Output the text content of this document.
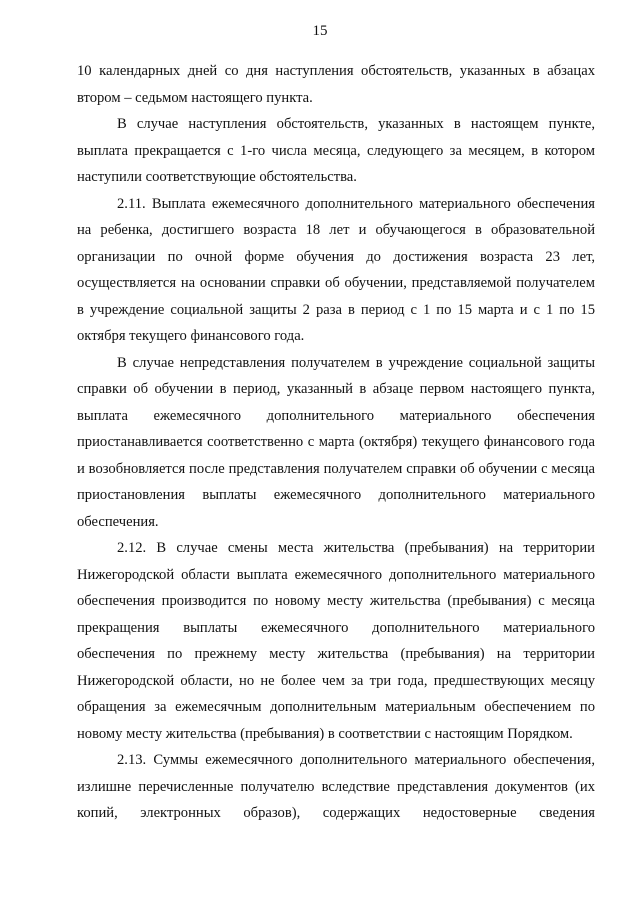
15

10 календарных дней со дня наступления обстоятельств, указанных в абзацах втором – седьмом настоящего пункта.

В случае наступления обстоятельств, указанных в настоящем пункте, выплата прекращается с 1-го числа месяца, следующего за месяцем, в котором наступили соответствующие обстоятельства.

2.11. Выплата ежемесячного дополнительного материального обеспечения на ребенка, достигшего возраста 18 лет и обучающегося в образовательной организации по очной форме обучения до достижения возраста 23 лет, осуществляется на основании справки об обучении, представляемой получателем в учреждение социальной защиты 2 раза в период с 1 по 15 марта и с 1 по 15 октября текущего финансового года.

В случае непредставления получателем в учреждение социальной защиты справки об обучении в период, указанный в абзаце первом настоящего пункта, выплата ежемесячного дополнительного материального обеспечения приостанавливается соответственно с марта (октября) текущего финансового года и возобновляется после представления получателем справки об обучении с месяца приостановления выплаты ежемесячного дополнительного материального обеспечения.

2.12. В случае смены места жительства (пребывания) на территории Нижегородской области выплата ежемесячного дополнительного материального обеспечения производится по новому месту жительства (пребывания) с месяца прекращения выплаты ежемесячного дополнительного материального обеспечения по прежнему месту жительства (пребывания) на территории Нижегородской области, но не более чем за три года, предшествующих месяцу обращения за ежемесячным дополнительным материальным обеспечением по новому месту жительства (пребывания) в соответствии с настоящим Порядком.

2.13. Суммы ежемесячного дополнительного материального обеспечения, излишне перечисленные получателю вследствие представления документов (их копий, электронных образов), содержащих недостоверные сведения
